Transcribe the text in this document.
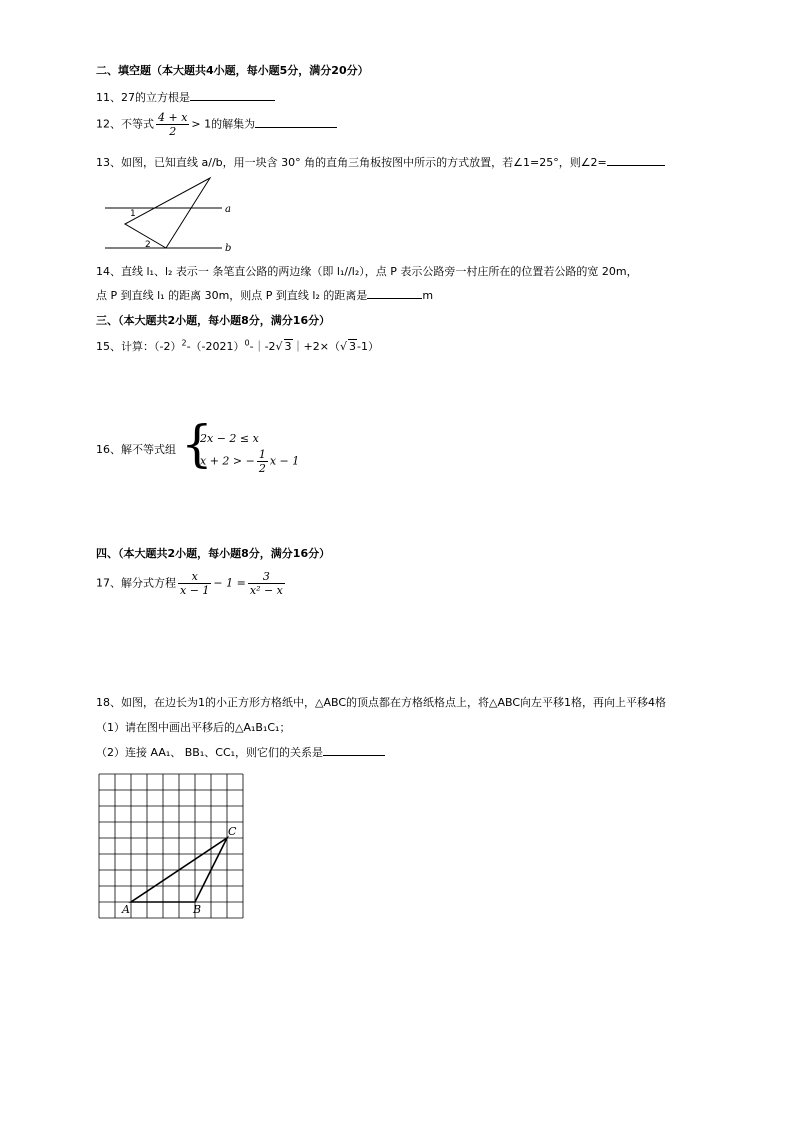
二、填空题（本大题共4小题，每小题5分，满分20分）
11、27的立方根是
12、不等式 $\frac{4 + x}{2} > 1$的解集为
13、如图，已知直线 a//b，用一块含 30° 角的直角三角板按图中所示的方式放置，若∠1=25°，则∠2=
a
b
1
2
14、直线 l₁、l₂ 表示一 条笔直公路的两边缘（即 l₁//l₂），点 P 表示公路旁一村庄所在的位置若公路的宽 20m，
点 P 到直线 l₁ 的距离 30m，则点 P 到直线 l₂ 的距离是	m
三、（本大题共2小题，每小题8分，满分16分）
15、计算：$(-2)^2-(-2021)^0-|-2√$ 3｜+2×（√ 3-1）
16、解不等式组 {
2x − 2 ≤ x
x + 2 > − $\frac{1}{2}$ x − 1
四、（本大题共2小题，每小题8分，满分16分）
17、解分式方程 $\frac{x}{x - 1} - 1 = \frac{3}{\text{x² − x}}$
18、如图，在边长为1的小正方形方格纸中，△ABC的顶点都在方格纸格点上，将△ABC向左平移1格，再向上平移4格
（1）请在图中画出平移后的△A₁B₁C₁；
（2）连接 AA₁、 BB₁、CC₁，则它们的关系是
A	B
C
